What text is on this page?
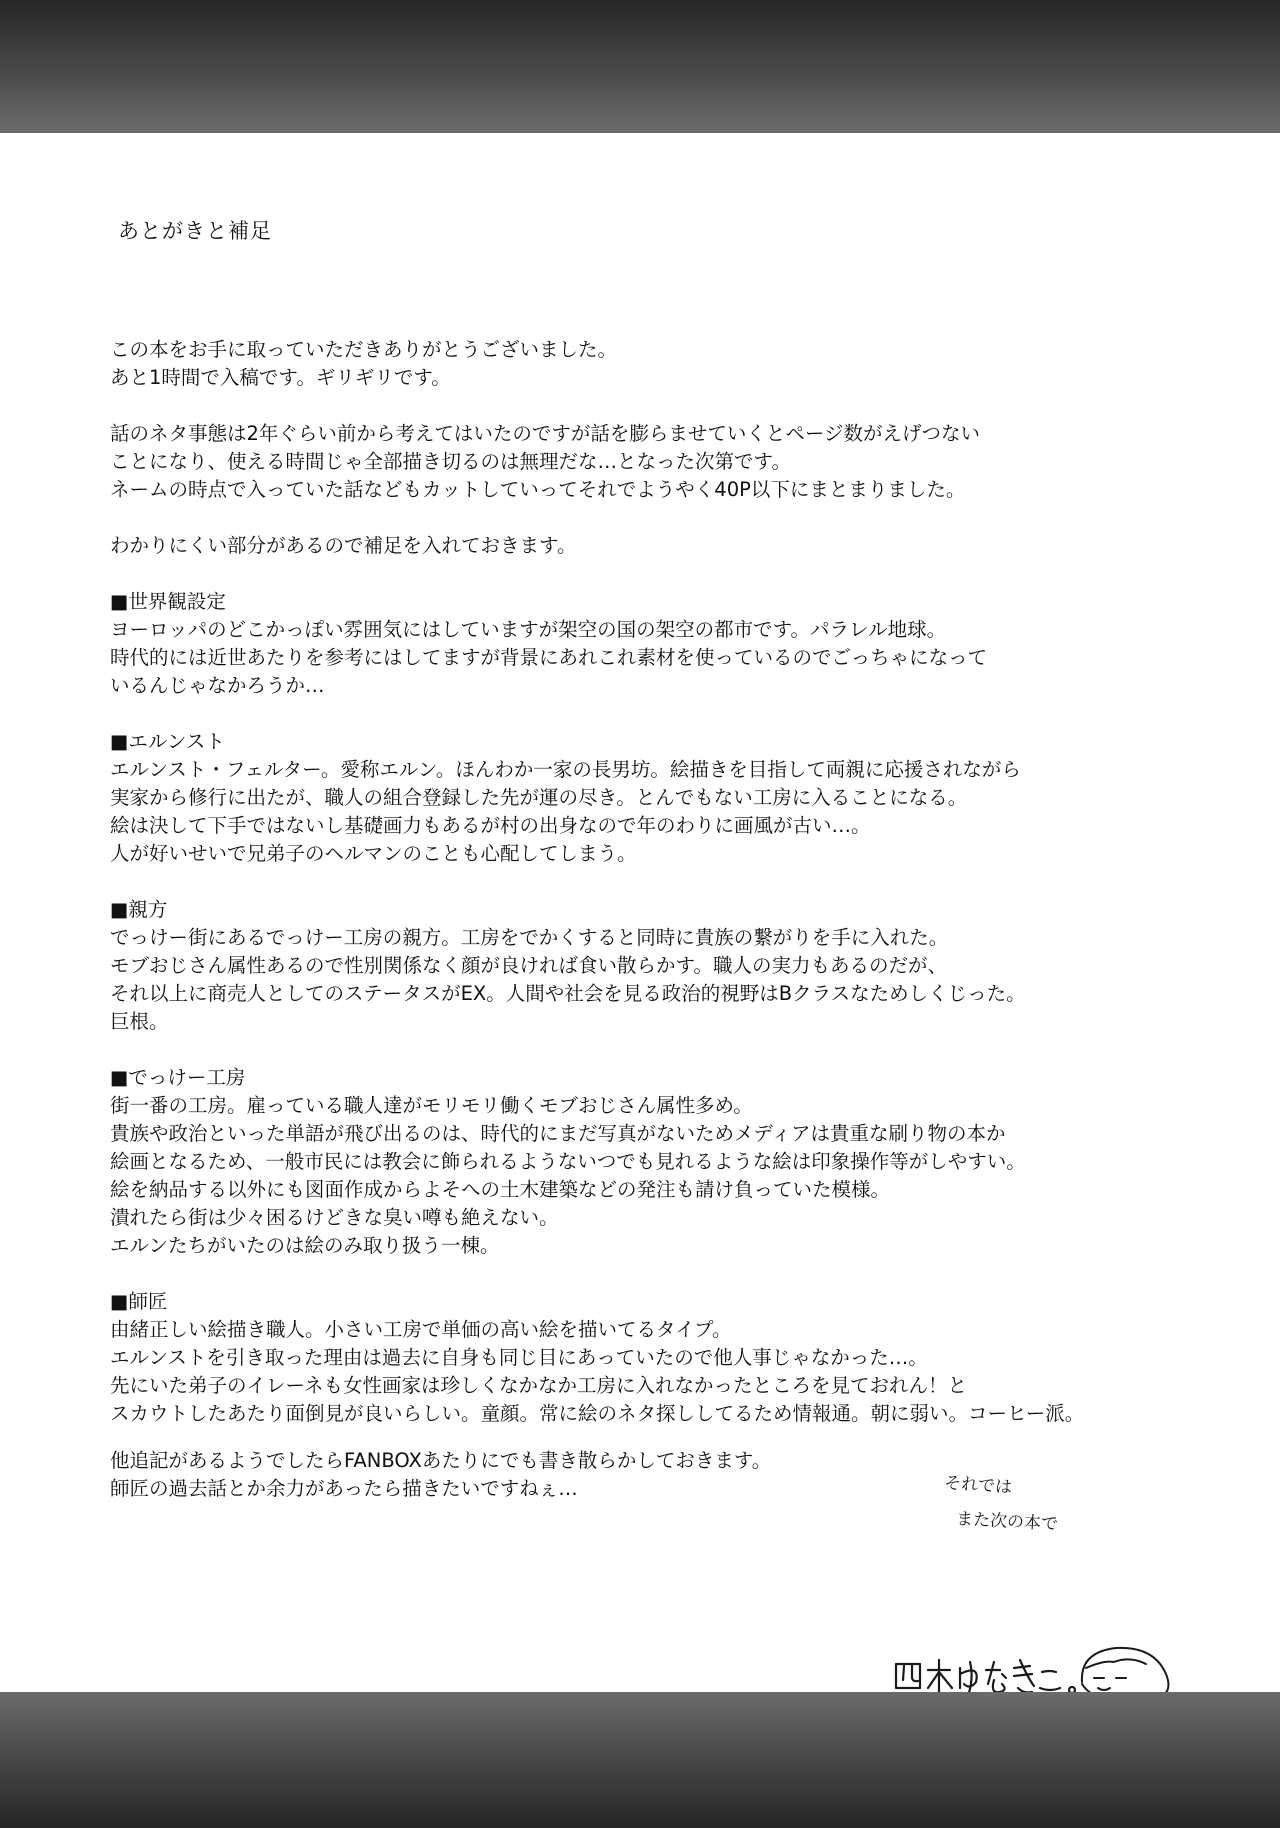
あとがきと補足

この本をお手に取っていただきありがとうございました。

あと1時間で入稿です。ギリギリです。

話のネタ事態は2年ぐらい前から考えてはいたのですが話を膨らませていくとページ数がえげつない

ことになり、使える時間じゃ全部描き切るのは無理だな…となった次第です。

ネームの時点で入っていた話などもカットしていってそれでようやく40P以下にまとまりました。

わかりにくい部分があるので補足を入れておきます。

■世界観設定

ヨーロッパのどこかっぽい雰囲気にはしていますが架空の国の架空の都市です。パラレル地球。

時代的には近世あたりを参考にはしてますが背景にあれこれ素材を使っているのでごっちゃになって

いるんじゃなかろうか…

■エルンスト

エルンスト・フェルター。愛称エルン。ほんわか一家の長男坊。絵描きを目指して両親に応援されながら

実家から修行に出たが、職人の組合登録した先が運の尽き。とんでもない工房に入ることになる。

絵は決して下手ではないし基礎画力もあるが村の出身なので年のわりに画風が古い…。

人が好いせいで兄弟子のヘルマンのことも心配してしまう。

■親方

でっけー街にあるでっけー工房の親方。工房をでかくすると同時に貴族の繋がりを手に入れた。

モブおじさん属性あるので性別関係なく顔が良ければ食い散らかす。職人の実力もあるのだが、

それ以上に商売人としてのステータスがEX。人間や社会を見る政治的視野はBクラスなためしくじった。

巨根。

■でっけー工房

街一番の工房。雇っている職人達がモリモリ働くモブおじさん属性多め。

貴族や政治といった単語が飛び出るのは、時代的にまだ写真がないためメディアは貴重な刷り物の本か

絵画となるため、一般市民には教会に飾られるようないつでも見れるような絵は印象操作等がしやすい。

絵を納品する以外にも図面作成からよそへの土木建築などの発注も請け負っていた模様。

潰れたら街は少々困るけどきな臭い噂も絶えない。

エルンたちがいたのは絵のみ取り扱う一棟。

■師匠

由緒正しい絵描き職人。小さい工房で単価の高い絵を描いてるタイプ。

エルンストを引き取った理由は過去に自身も同じ目にあっていたので他人事じゃなかった…。

先にいた弟子のイレーネも女性画家は珍しくなかなか工房に入れなかったところを見ておれん！と

スカウトしたあたり面倒見が良いらしい。童顔。常に絵のネタ探ししてるため情報通。朝に弱い。コーヒー派。

他追記があるようでしたらFANBOXあたりにでも書き散らかしておきます。

師匠の過去話とか余力があったら描きたいですねぇ…	それでは
また次の本で
